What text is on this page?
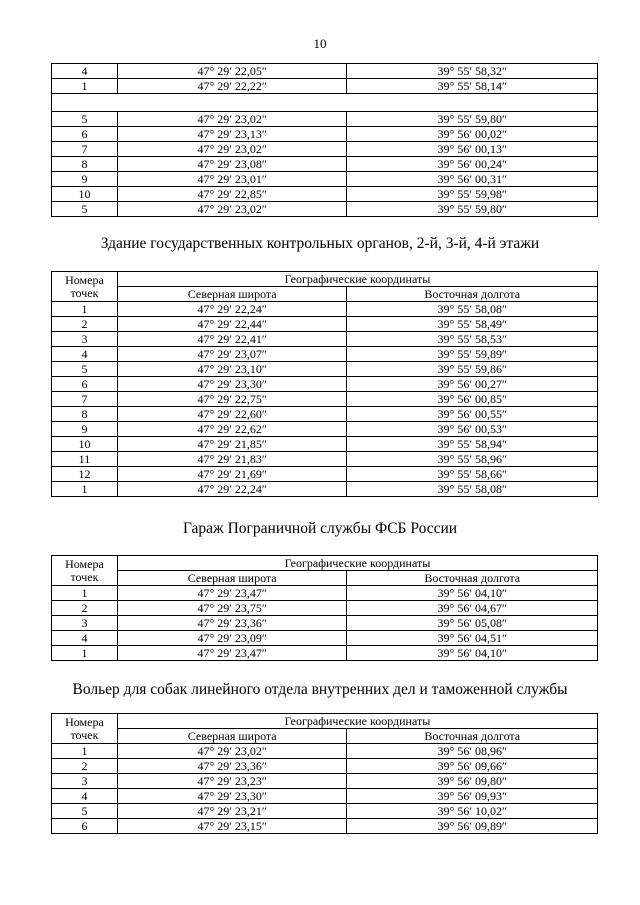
10
4	47° 29′ 22,05″	39° 55′ 58,32″
1	47° 29′ 22,22″	39° 55′ 58,14″

5	47° 29′ 23,02″	39° 55′ 59,80″
6	47° 29′ 23,13″	39° 56′ 00,02″
7	47° 29′ 23,02″	39° 56′ 00,13″
8	47° 29′ 23,08″	39° 56′ 00,24″
9	47° 29′ 23,01″	39° 56′ 00,31″
10	47° 29′ 22,85″	39° 55′ 59,98″
5	47° 29′ 23,02″	39° 55′ 59,80″
Здание государственных контрольных органов, 2-й, 3-й, 4-й этажи
Номера
точек	Географические координаты	
	Северная широта	Восточная долгота
1	47° 29′ 22,24″	39° 55′ 58,08″
2	47° 29′ 22,44″	39° 55′ 58,49″
3	47° 29′ 22,41″	39° 55′ 58,53″
4	47° 29′ 23,07″	39° 55′ 59,89″
5	47° 29′ 23,10″	39° 55′ 59,86″
6	47° 29′ 23,30″	39° 56′ 00,27″
7	47° 29′ 22,75″	39° 56′ 00,85″
8	47° 29′ 22,60″	39° 56′ 00,55″
9	47° 29′ 22,62″	39° 56′ 00,53″
10	47° 29′ 21,85″	39° 55′ 58,94″
11	47° 29′ 21,83″	39° 55′ 58,96″
12	47° 29′ 21,69″	39° 55′ 58,66″
1	47° 29′ 22,24″	39° 55′ 58,08″
Гараж Пограничной службы ФСБ России
Номера
точек	Географические координаты	
	Северная широта	Восточная долгота
1	47° 29′ 23,47″	39° 56′ 04,10″
2	47° 29′ 23,75″	39° 56′ 04,67″
3	47° 29′ 23,36″	39° 56′ 05,08″
4	47° 29′ 23,09″	39° 56′ 04,51″
1	47° 29′ 23,47″	39° 56′ 04,10″
Вольер для собак линейного отдела внутренних дел и таможенной службы
Номера
точек	Географические координаты	
	Северная широта	Восточная долгота
1	47° 29′ 23,02″	39° 56′ 08,96″
2	47° 29′ 23,36″	39° 56′ 09,66″
3	47° 29′ 23,23″	39° 56′ 09,80″
4	47° 29′ 23,30″	39° 56′ 09,93″
5	47° 29′ 23,21″	39° 56′ 10,02″
6	47° 29′ 23,15″	39° 56′ 09,89″
